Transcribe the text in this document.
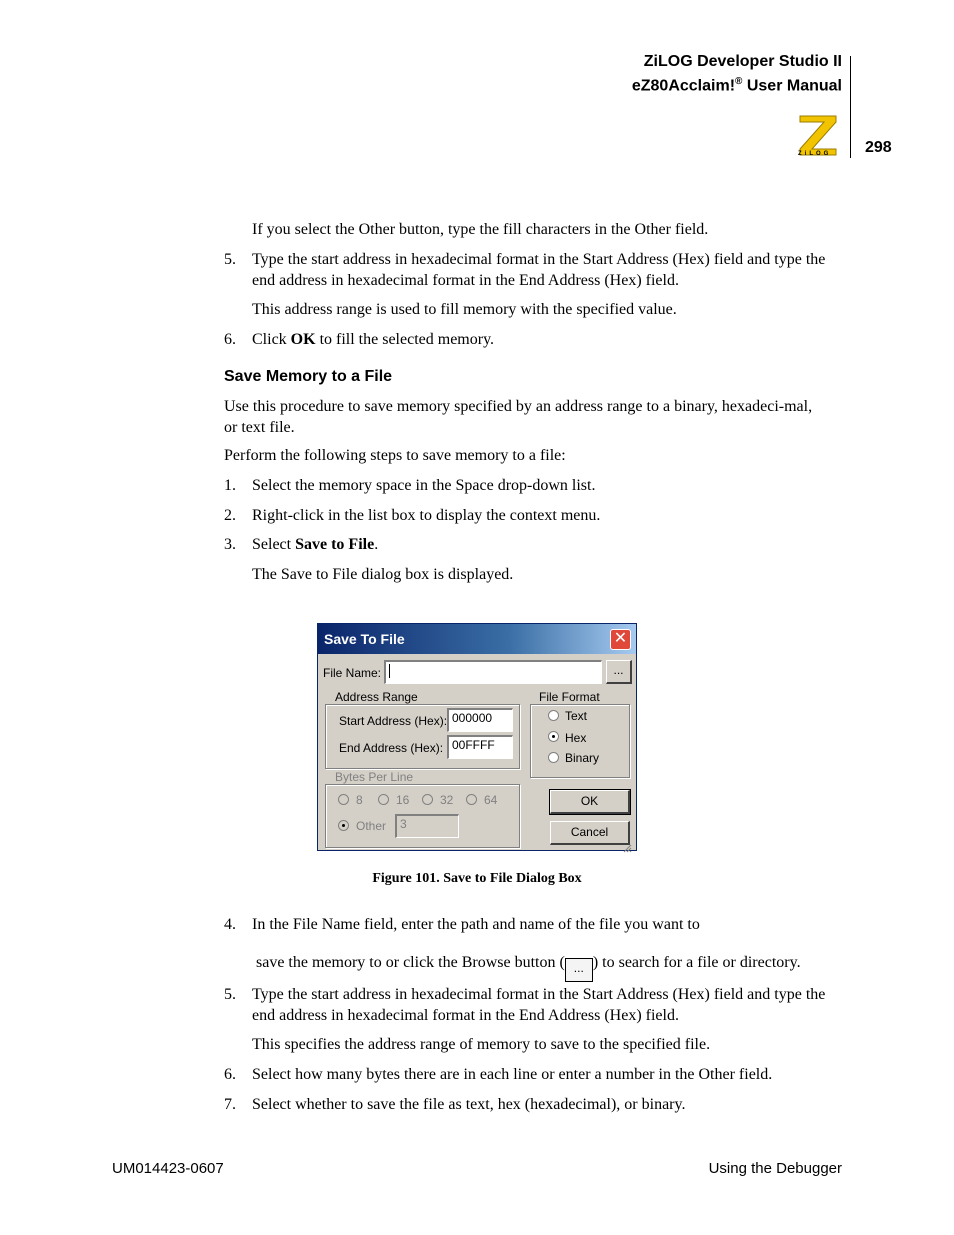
ZiLOG Developer Studio II
eZ80Acclaim!® User Manual
ZiLOG 298
If you select the Other button, type the fill characters in the Other field.
5.	Type the start address in hexadecimal format in the Start Address (Hex) field and type the end address in hexadecimal format in the End Address (Hex) field.
This address range is used to fill memory with the specified value.
6.	Click OK to fill the selected memory.
Save Memory to a File
Use this procedure to save memory specified by an address range to a binary, hexadeci-mal, or text file.
Perform the following steps to save memory to a file:
1.	Select the memory space in the Space drop-down list.
2.	Right-click in the list box to display the context menu.
3.	Select Save to File.
The Save to File dialog box is displayed.
Save To File	✕
File Name:	...
Address Range
Start Address (Hex): 000000
End Address (Hex): 00FFFF
File Format
Text
Hex
Binary
Bytes Per Line
8	16	32	64
Other	3
OK
Cancel
Figure 101. Save to File Dialog Box
4.	In the File Name field, enter the path and name of the file you want to
save the memory to or click the Browse button ( ... ) to search for a file or directory.
5.	Type the start address in hexadecimal format in the Start Address (Hex) field and type the end address in hexadecimal format in the End Address (Hex) field.
This specifies the address range of memory to save to the specified file.
6.	Select how many bytes there are in each line or enter a number in the Other field.
7.	Select whether to save the file as text, hex (hexadecimal), or binary.
UM014423-0607	Using the Debugger
